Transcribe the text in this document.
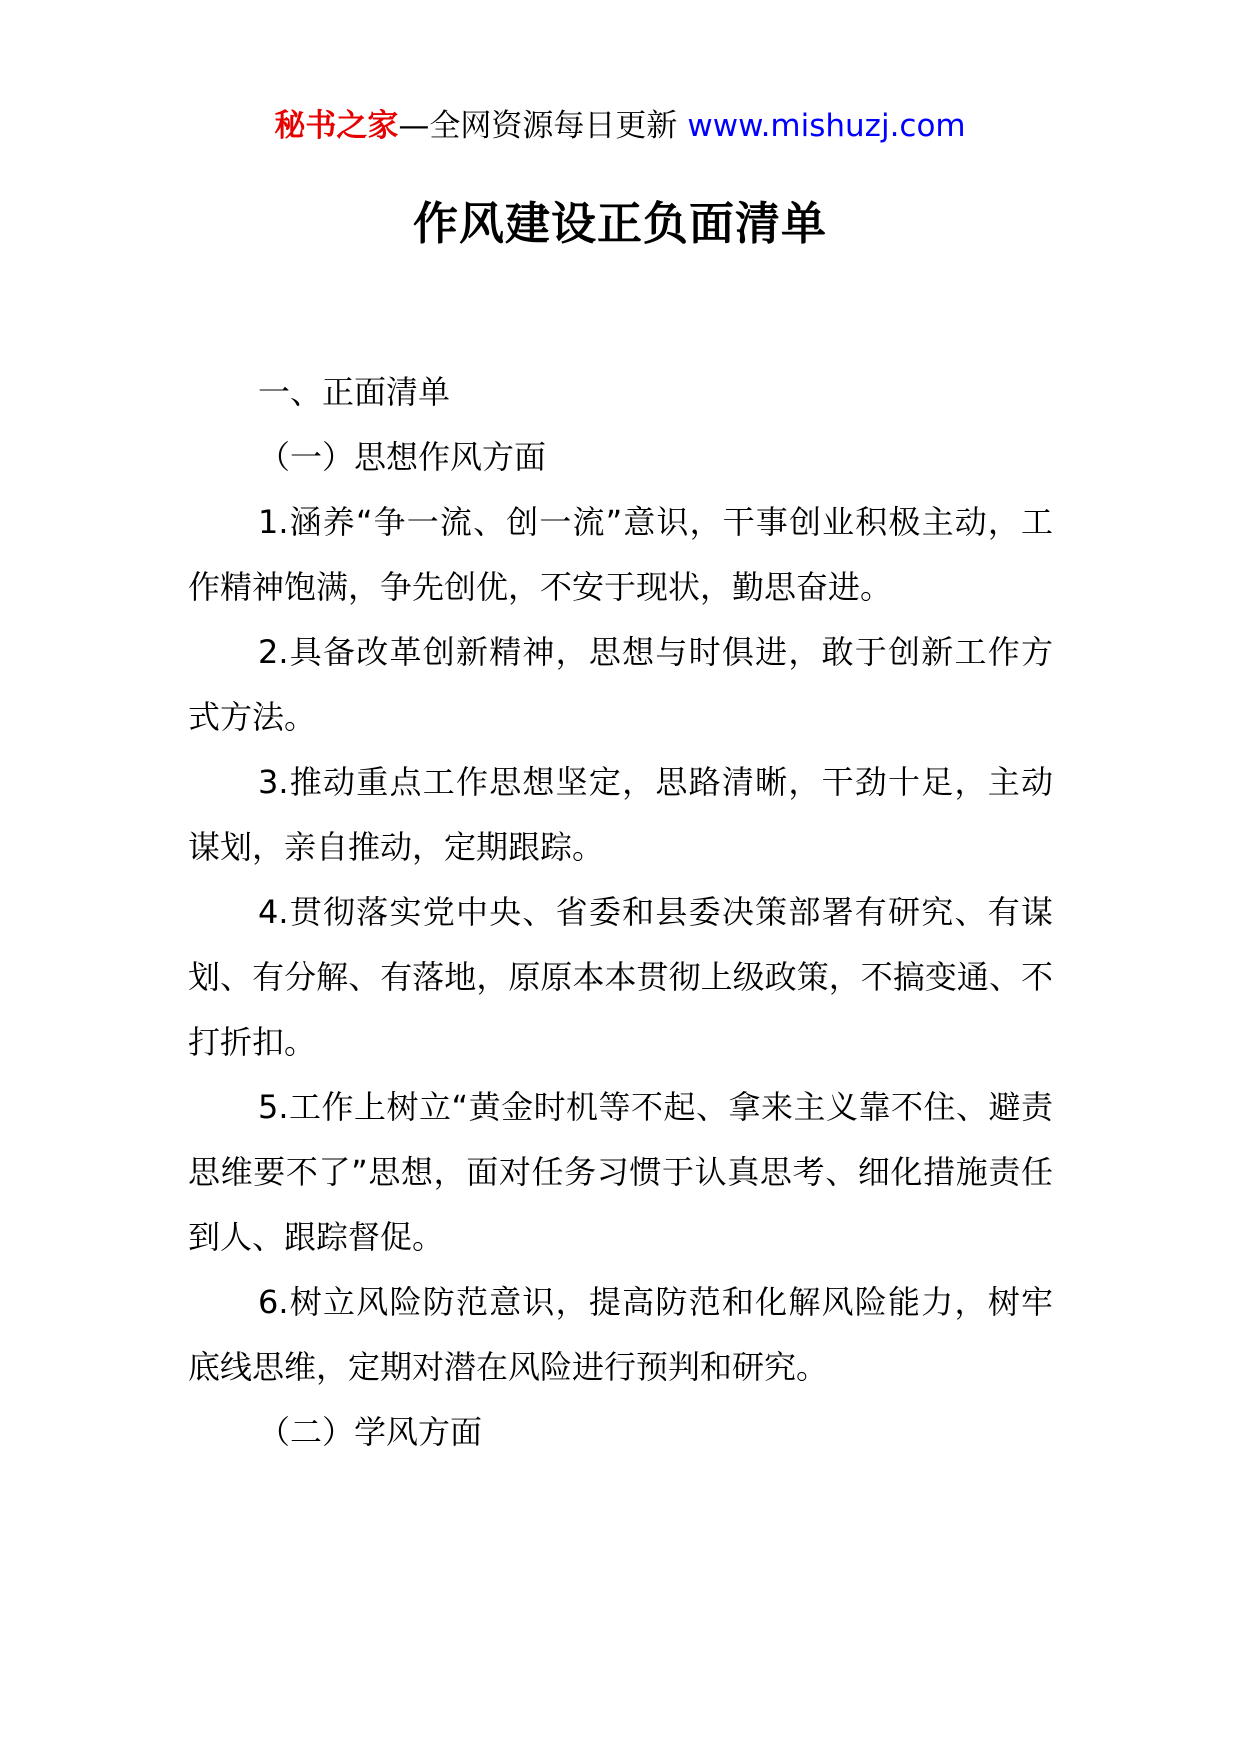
秘书之家—全网资源每日更新 www.mishuzj.com
作风建设正负面清单

一、正面清单

（一）思想作风方面

1.涵养“争一流、创一流”意识，干事创业积极主动，工作精神饱满，争先创优，不安于现状，勤思奋进。

2.具备改革创新精神，思想与时俱进，敢于创新工作方式方法。

3.推动重点工作思想坚定，思路清晰，干劲十足，主动谋划，亲自推动，定期跟踪。

4.贯彻落实党中央、省委和县委决策部署有研究、有谋划、有分解、有落地，原原本本贯彻上级政策，不搞变通、不打折扣。

5.工作上树立“黄金时机等不起、拿来主义靠不住、避责思维要不了”思想，面对任务习惯于认真思考、细化措施责任到人、跟踪督促。

6.树立风险防范意识，提高防范和化解风险能力，树牢底线思维，定期对潜在风险进行预判和研究。

（二）学风方面
